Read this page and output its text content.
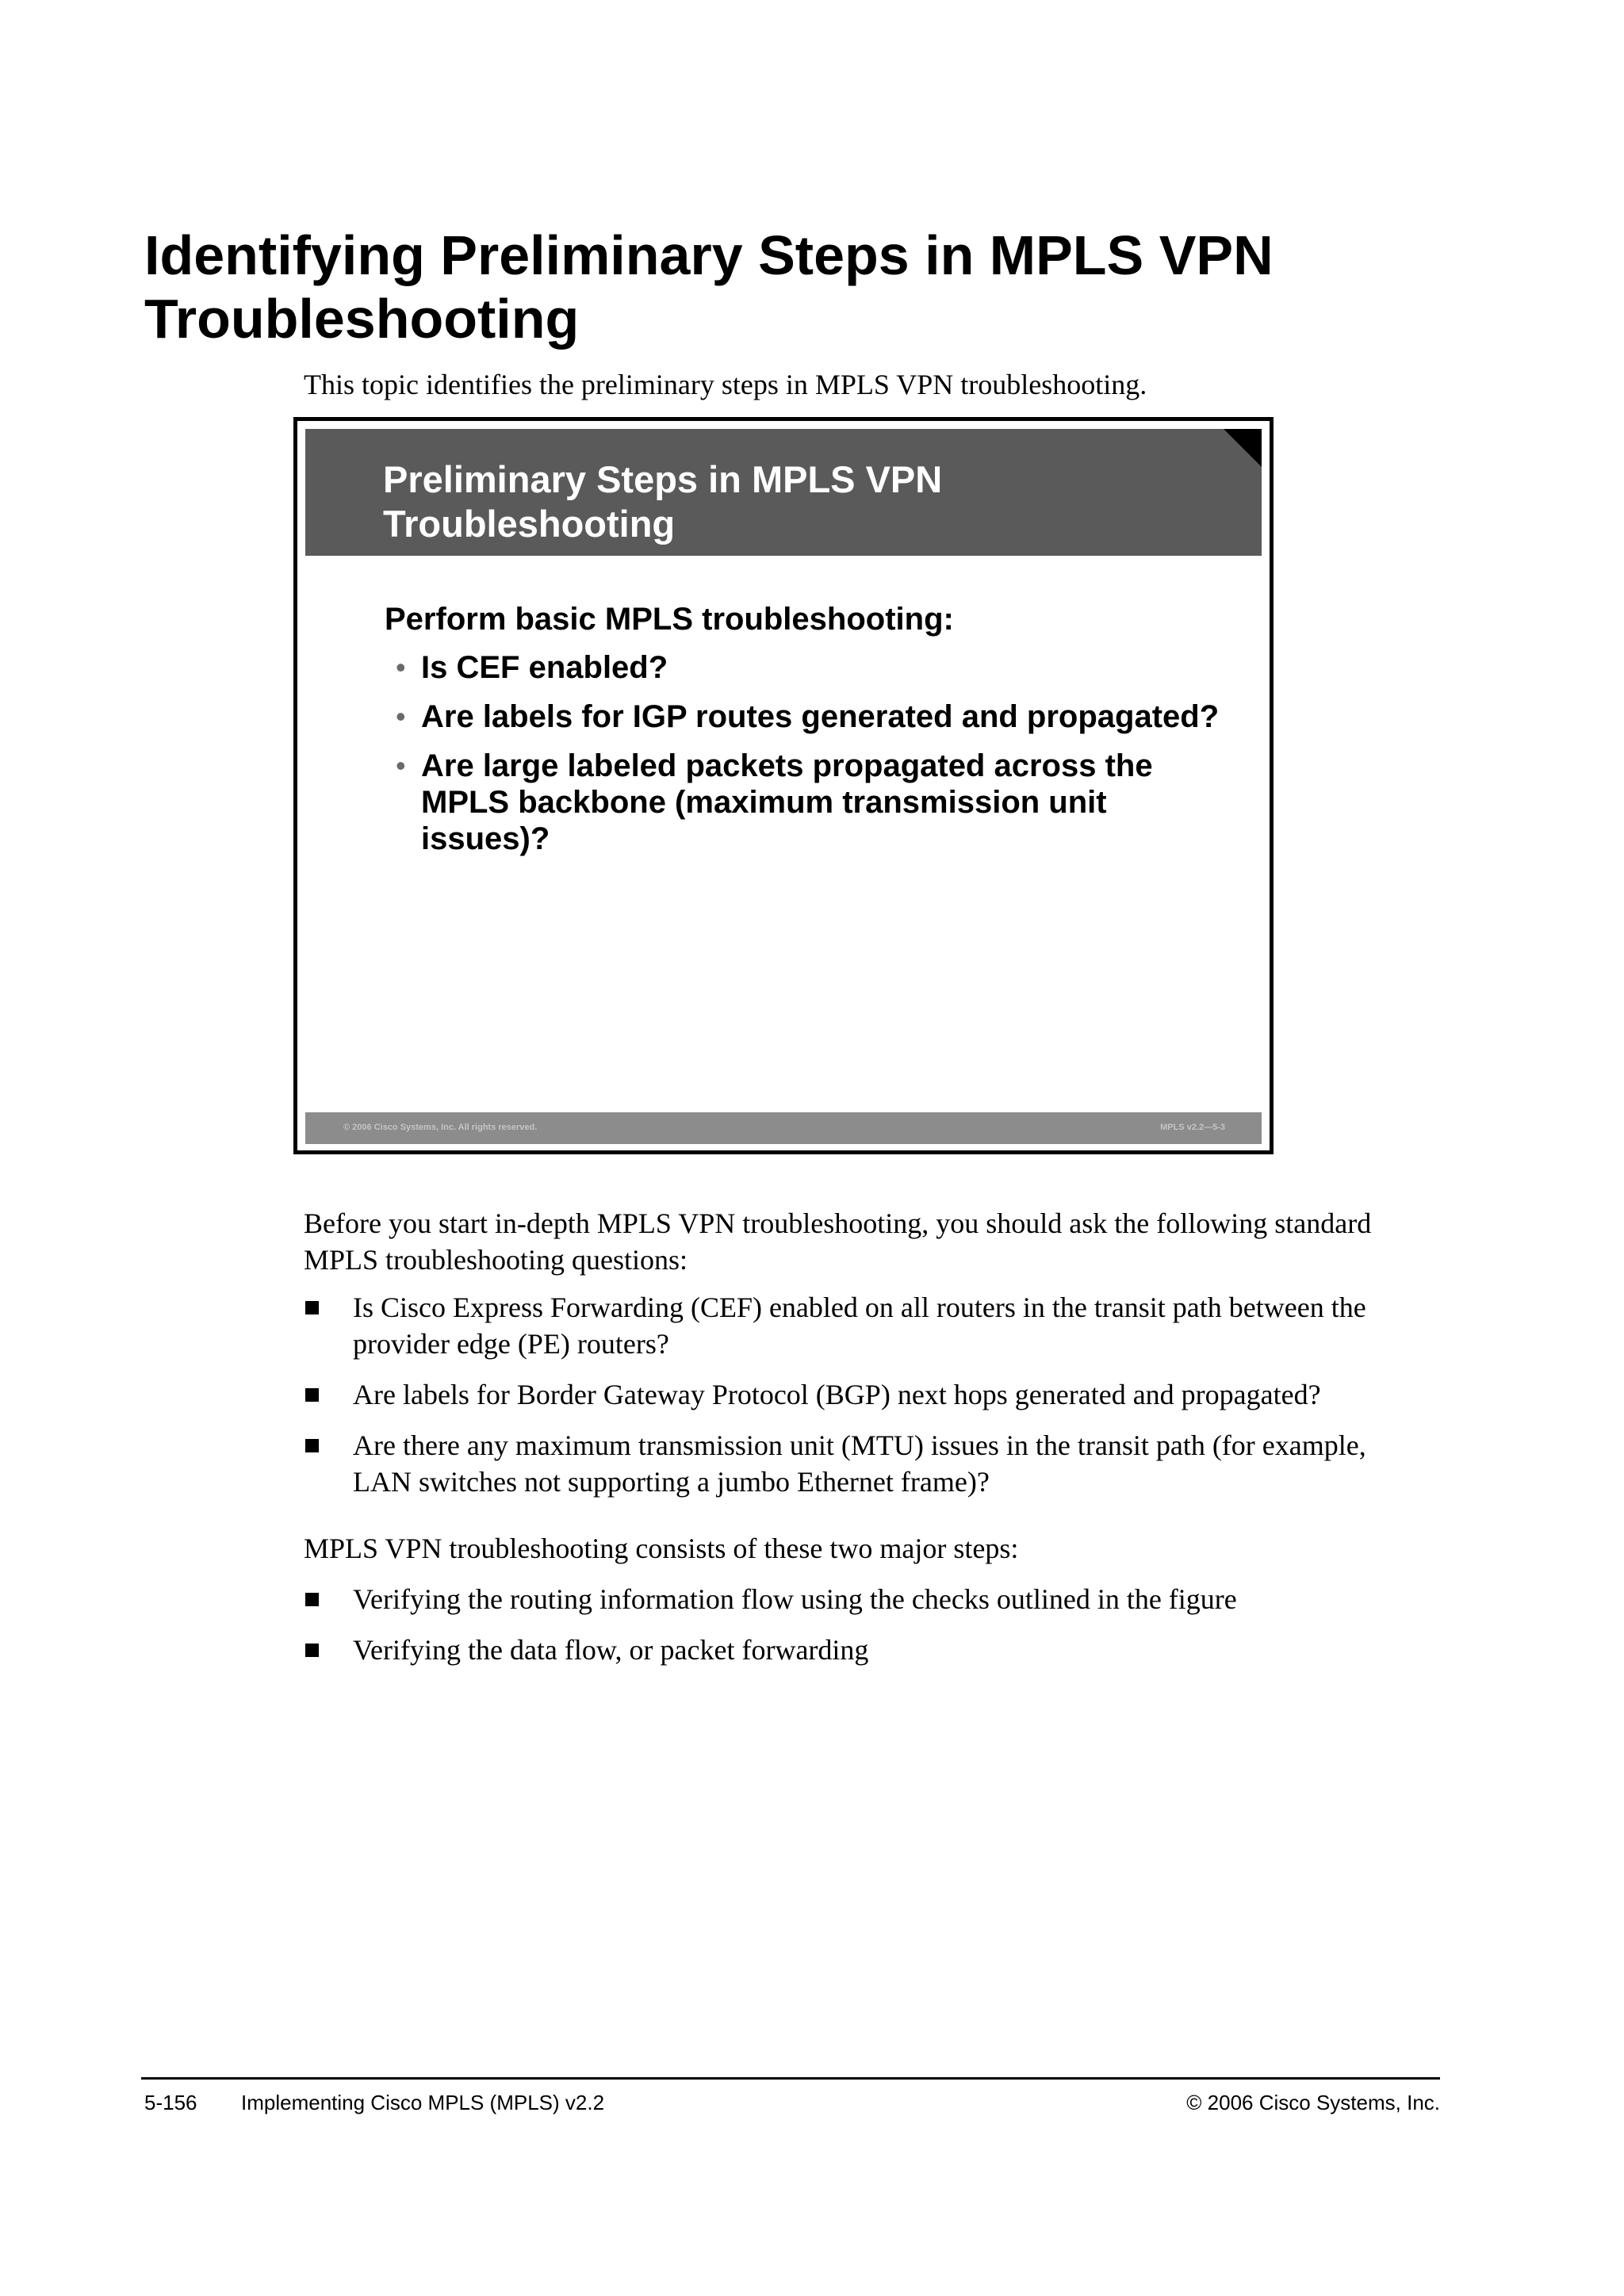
Identifying Preliminary Steps in MPLS VPN Troubleshooting

This topic identifies the preliminary steps in MPLS VPN troubleshooting.

Preliminary Steps in MPLS VPN Troubleshooting

Perform basic MPLS troubleshooting:

• Is CEF enabled?
• Are labels for IGP routes generated and propagated?
• Are large labeled packets propagated across the MPLS backbone (maximum transmission unit issues)?
© 2006 Cisco Systems, Inc. All rights reserved.	MPLS v2.2—5-3

Before you start in-depth MPLS VPN troubleshooting, you should ask the following standard MPLS troubleshooting questions:

Is Cisco Express Forwarding (CEF) enabled on all routers in the transit path between the provider edge (PE) routers?
Are labels for Border Gateway Protocol (BGP) next hops generated and propagated?
Are there any maximum transmission unit (MTU) issues in the transit path (for example, LAN switches not supporting a jumbo Ethernet frame)?

MPLS VPN troubleshooting consists of these two major steps:

Verifying the routing information flow using the checks outlined in the figure
Verifying the data flow, or packet forwarding
5-156 Implementing Cisco MPLS (MPLS) v2.2	© 2006 Cisco Systems, Inc.
